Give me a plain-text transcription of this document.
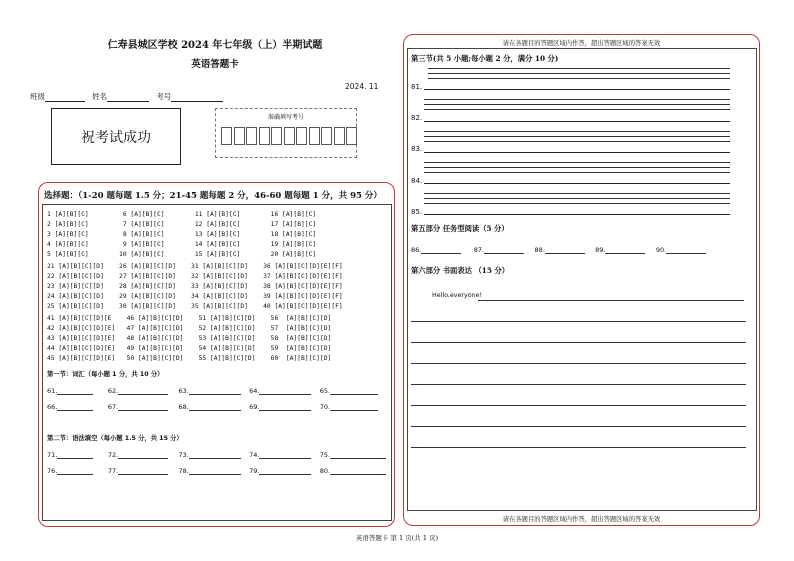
仁寿县城区学校 2024 年七年级（上）半期试题
英语答题卡
2024. 11
班级	姓名	考号
祝考试成功
准确填写考号
选择题：（1-20 题每题 1.5 分；21-45 题每题 2 分，46-60 题每题 1 分，共 95 分）
1 [A][B][C]         6 [A][B][C]        11 [A][B][C]        16 [A][B][C]
2 [A][B][C]         7 [A][B][C]        12 [A][B][C]        17 [A][B][C]
3 [A][B][C]         8 [A][B][C]        13 [A][B][C]        18 [A][B][C]
4 [A][B][C]         9 [A][B][C]        14 [A][B][C]        19 [A][B][C]
5 [A][B][C]        10 [A][B][C]        15 [A][B][C]        20 [A][B][C]
21 [A][B][C][D]    26 [A][B][C][D]    31 [A][B][C][D]    36 [A][B][C][D][E][F]
22 [A][B][C][D]    27 [A][B][C][D]    32 [A][B][C][D]    37 [A][B][C][D][E][F]
23 [A][B][C][D]    28 [A][B][C][D]    33 [A][B][C][D]    38 [A][B][C][D][E][F]
24 [A][B][C][D]    29 [A][B][C][D]    34 [A][B][C][D]    39 [A][B][C][D][E][F]
25 [A][B][C][D]    30 [A][B][C][D]    35 [A][B][C][D]    40 [A][B][C][D][E][F]
41 [A][B][C][D][E    46 [A][B][C][D]    51 [A][B][C][D]    56  [A][B][C][D]
42 [A][B][C][D][E]   47 [A][B][C][D]    52 [A][B][C][D]    57  [A][B][C][D]
43 [A][B][C][D][E]   48 [A][B][C][D]    53 [A][B][C][D]    58  [A][B][C][D]
44 [A][B][C][D][E]   49 [A][B][C][D]    54 [A][B][C][D]    59  [A][B][C][D]
45 [A][B][C][D][E]   50 [A][B][C][D]    55 [A][B][C][D]    60  [A][B][C][D]
第一节：词汇（每小题 1 分，共 10 分）
61.	62.	63.	64.	65.
66.	67.	68.	69.	70.
第二节：语法填空（每小题 1.5 分，共 15 分）
71.	72.	73.	74.	75.
76.	77.	78.	79.	80.
请在各题目的答题区域内作答，超出答题区域的答案无效
请在各题目的答题区域内作答，超出答题区域的答案无效
第三节(共 5 小题;每小题 2 分，满分 10 分)
81.
82.
83.
84.
85.
第五部分 任务型阅读（5 分）
86.	87.	88.	89.	90.
第六部分 书面表达 （15 分）
Hello,everyone!
英语答题卡 第 1 页(共 1 页)
